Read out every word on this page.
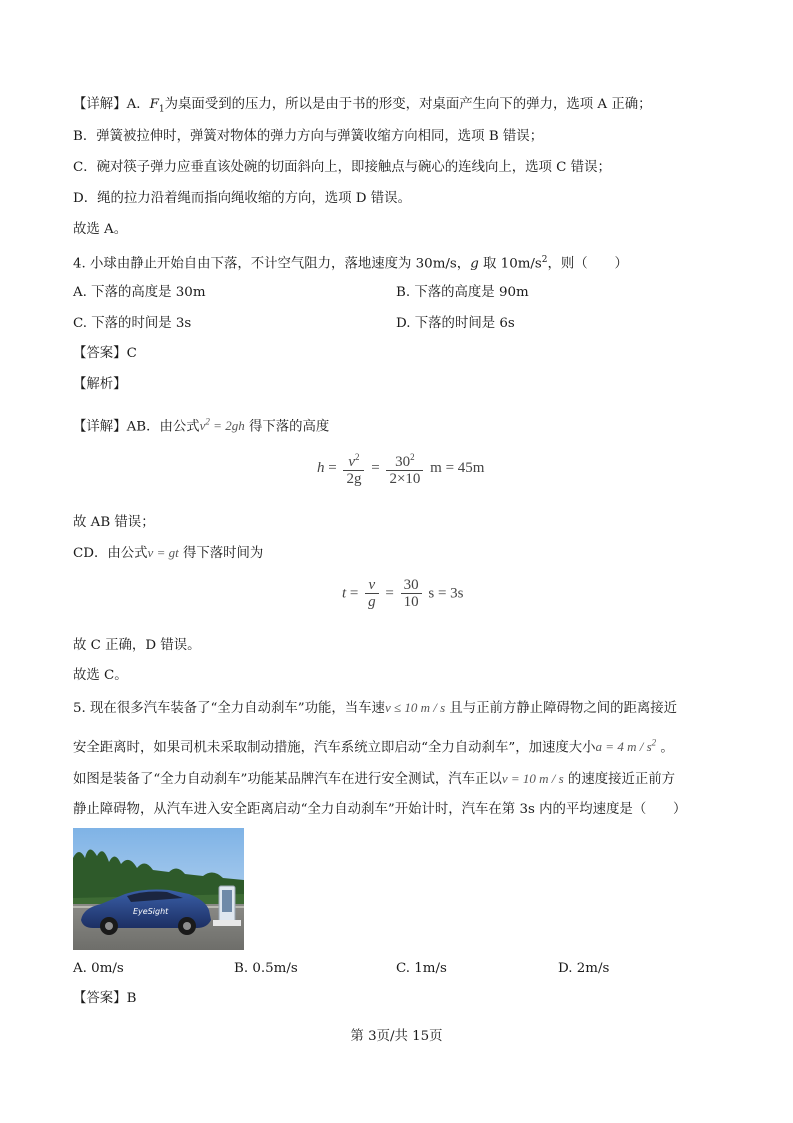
【详解】A．$F_1$为桌面受到的压力，所以是由于书的形变，对桌面产生向下的弹力，选项 A 正确；
B．弹簧被拉伸时，弹簧对物体的弹力方向与弹簧收缩方向相同，选项 B 错误；
C．碗对筷子弹力应垂直该处碗的切面斜向上，即接触点与碗心的连线向上，选项 C 错误；
D．绳的拉力沿着绳而指向绳收缩的方向，选项 D 错误。
故选 A。
4. 小球由静止开始自由下落，不计空气阻力，落地速度为 30m/s，g 取 $10m/s^2$，则（　　）
A. 下落的高度是 30m	B. 下落的高度是 90m
C. 下落的时间是 3s	D. 下落的时间是 6s
【答案】C
【解析】
【详解】AB．由公式$v^2 = 2gh$ 得下落的高度
$h = \frac{v^2}{2g} = \frac{30^2}{2\times 10}$ m = 45m
故 AB 错误；
CD．由公式v = gt 得下落时间为
$t = \frac{v}{g} = \frac{30}{10}$ s = 3s
故 C 正确，D 错误。
故选 C。
5. 现在很多汽车装备了“全力自动刹车”功能，当车速v ≤ 10 m / s 且与正前方静止障碍物之间的距离接近
安全距离时，如果司机未采取制动措施，汽车系统立即启动“全力自动刹车”，加速度大小a = 4 m / $s^2$ 。
如图是装备了“全力自动刹车”功能某品牌汽车在进行安全测试，汽车正以v = 10 m / s 的速度接近正前方
静止障碍物，从汽车进入安全距离启动“全力自动刹车”开始计时，汽车在第 3s 内的平均速度是（　　）
EyeSight
A. 0m/s	B. 0.5m/s	C. 1m/s	D. 2m/s
【答案】B
第 3页/共 15页
